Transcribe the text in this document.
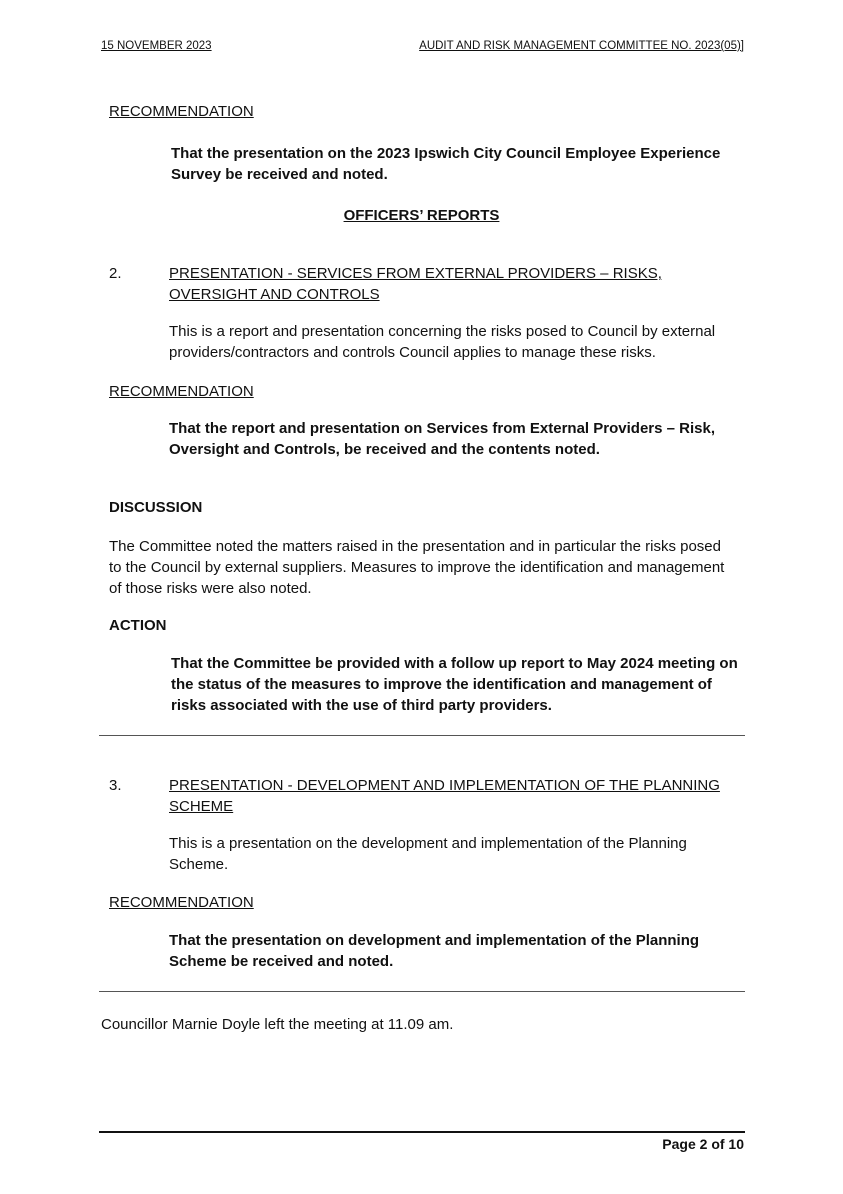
15 NOVEMBER 2023	AUDIT AND RISK MANAGEMENT COMMITTEE NO. 2023(05)]
RECOMMENDATION
That the presentation on the 2023 Ipswich City Council Employee Experience Survey be received and noted.
OFFICERS’ REPORTS
2.	PRESENTATION - SERVICES FROM EXTERNAL PROVIDERS – RISKS, OVERSIGHT AND CONTROLS
This is a report and presentation concerning the risks posed to Council by external providers/contractors and controls Council applies to manage these risks.
RECOMMENDATION
That the report and presentation on Services from External Providers – Risk, Oversight and Controls, be received and the contents noted.
DISCUSSION
The Committee noted the matters raised in the presentation and in particular the risks posed to the Council by external suppliers. Measures to improve the identification and management of those risks were also noted.
ACTION
That the Committee be provided with a follow up report to May 2024 meeting on the status of the measures to improve the identification and management of risks associated with the use of third party providers.
3.	PRESENTATION - DEVELOPMENT AND IMPLEMENTATION OF THE PLANNING SCHEME
This is a presentation on the development and implementation of the Planning Scheme.
RECOMMENDATION
That the presentation on development and implementation of the Planning Scheme be received and noted.
Councillor Marnie Doyle left the meeting at 11.09 am.
Page 2 of 10
